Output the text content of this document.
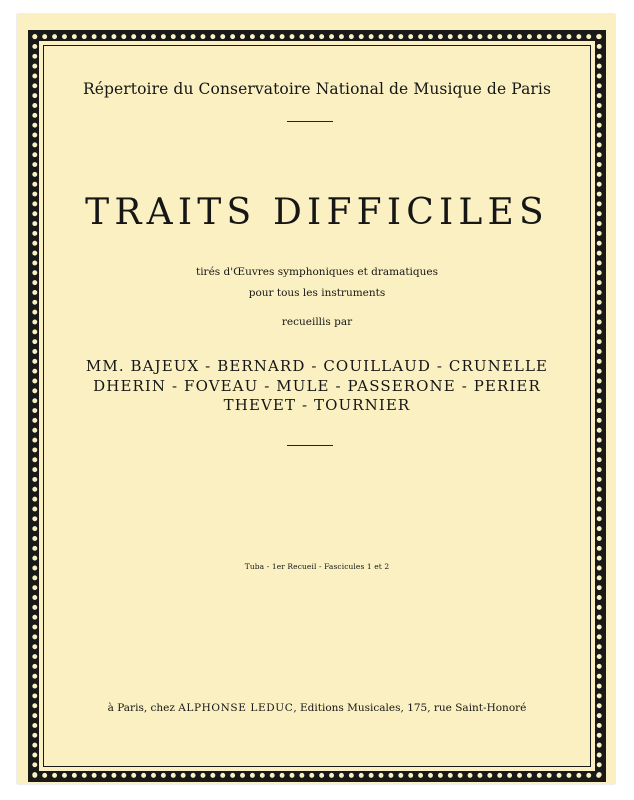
Répertoire du Conservatoire National de Musique de Paris
TRAITS DIFFICILES
tirés d'Œuvres symphoniques et dramatiques
pour tous les instruments
recueillis par
MM. BAJEUX - BERNARD - COUILLAUD - CRUNELLE
DHERIN - FOVEAU - MULE - PASSERONE - PERIER
THEVET - TOURNIER
Tuba - 1er Recueil - Fascicules 1 et 2
à Paris, chez ALPHONSE LEDUC, Editions Musicales, 175, rue Saint-Honoré
